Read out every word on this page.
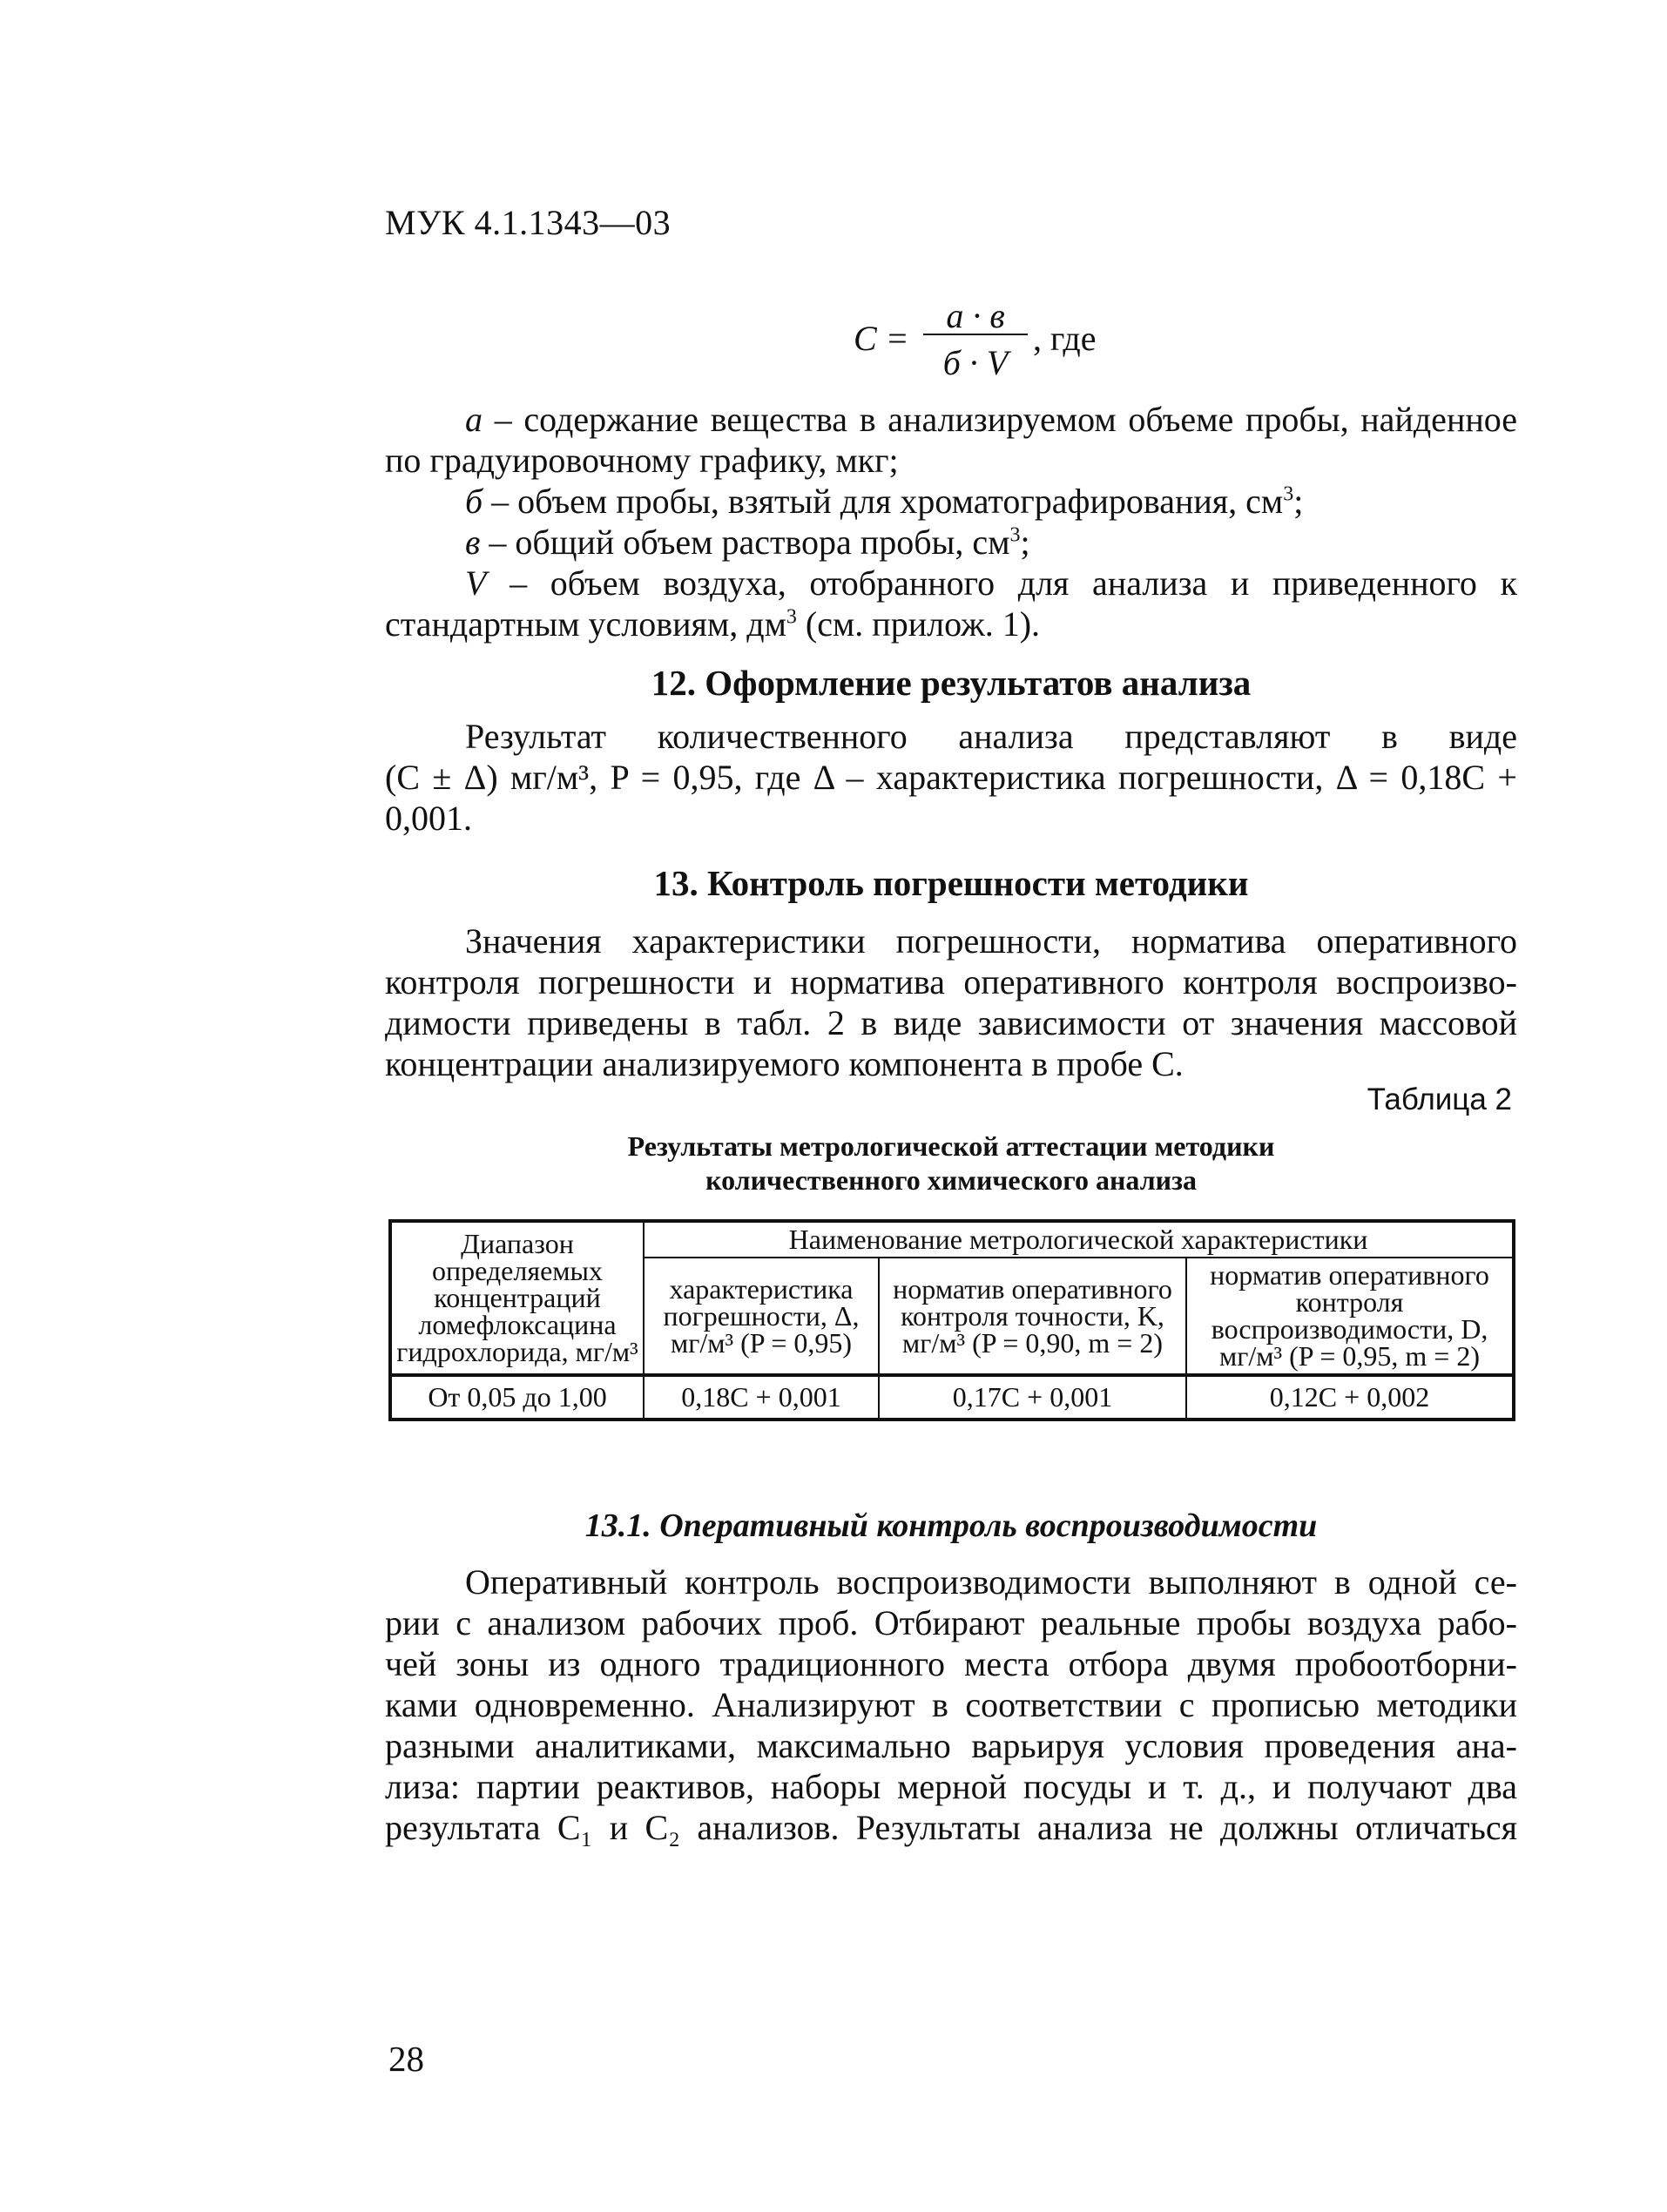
МУК 4.1.1343—03
C =
a · в
б · V
, где

a – содержание вещества в анализируемом объеме пробы, найденное по градуировочному графику, мкг;

б – объем пробы, взятый для хроматографирования, $см^3$;

в – общий объем раствора пробы, $см^3$;

V – объем воздуха, отобранного для анализа и приведенного к стандартным условиям, $дм^3$ (см. прилож. 1).

12. Оформление результатов анализа
Результат количественного анализа представляют в виде
(C ± Δ) мг/м³, P = 0,95, где Δ – характеристика погрешности, Δ = 0,18C +
0,001.
13. Контроль погрешности методики
Значения характеристики погрешности, норматива оперативного
контроля погрешности и норматива оперативного контроля воспроизво-
димости приведены в табл. 2 в виде зависимости от значения массовой
концентрации анализируемого компонента в пробе C.
Таблица 2
Результаты метрологической аттестации методики
количественного химического анализа
Диапазон определяемых концентраций ломефлоксацина гидрохлорида, мг/м³	Наименование метрологической характеристики		
	характеристика погрешности, Δ, мг/м³ (P = 0,95)	норматив оперативного контроля точности, K, мг/м³ (P = 0,90, m = 2)	норматив оперативного контроля воспроизводимости, D, мг/м³ (P = 0,95, m = 2)
От 0,05 до 1,00	0,18C + 0,001	0,17C + 0,001	0,12C + 0,002
13.1. Оперативный контроль воспроизводимости
Оперативный контроль воспроизводимости выполняют в одной се-
рии с анализом рабочих проб. Отбирают реальные пробы воздуха рабо-
чей зоны из одного традиционного места отбора двумя пробоотборни-
ками одновременно. Анализируют в соответствии с прописью методики
разными аналитиками, максимально варьируя условия проведения ана-
лиза: партии реактивов, наборы мерной посуды и т. д., и получают два
результата C₁ и C₂ анализов. Результаты анализа не должны отличаться
28
